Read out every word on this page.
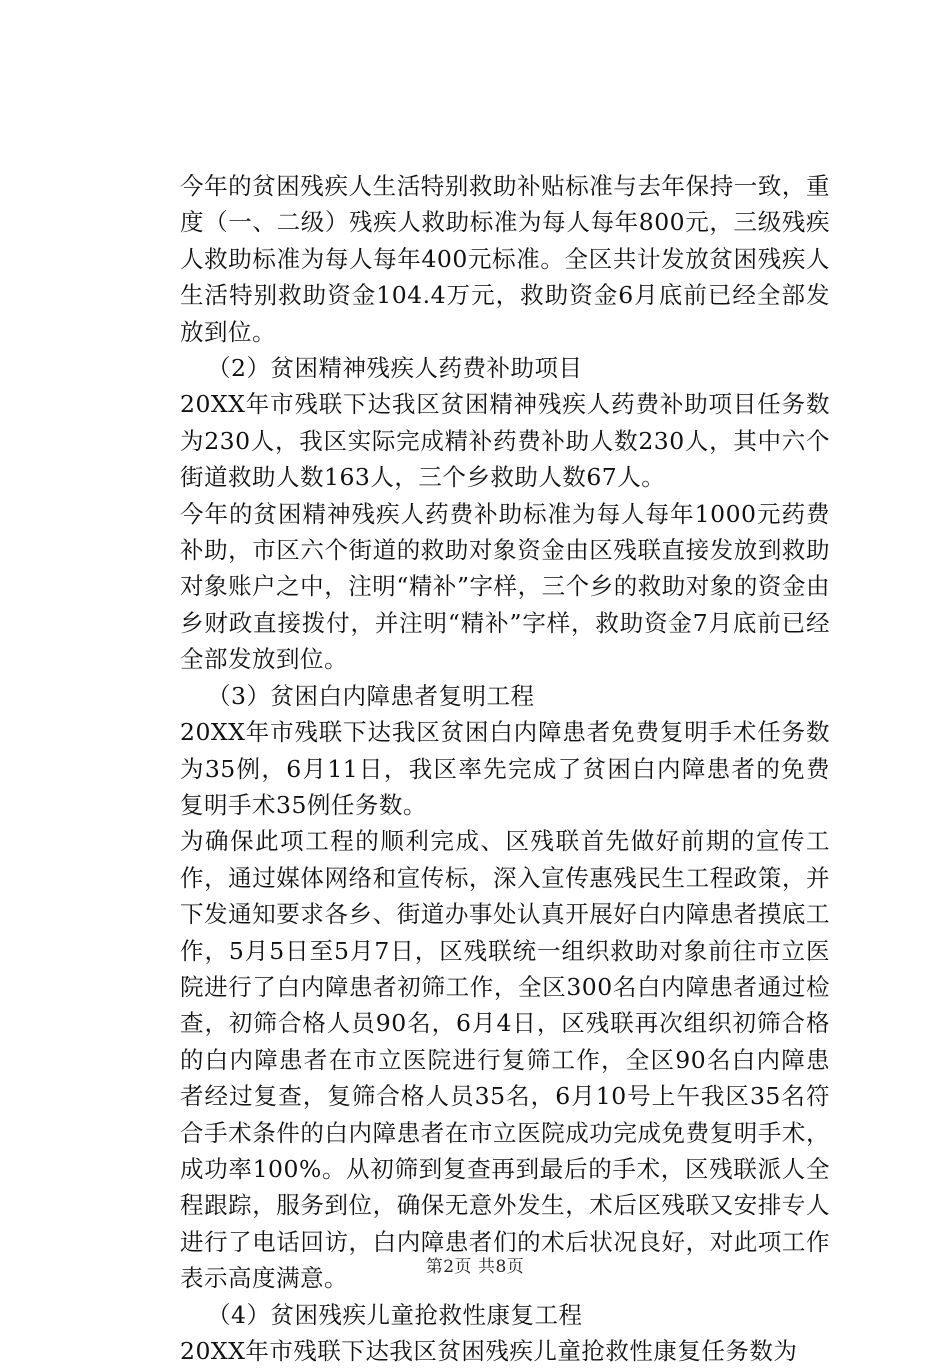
今年的贫困残疾人生活特别救助补贴标准与去年保持一致，重度（一、二级）残疾人救助标准为每人每年800元，三级残疾人救助标准为每人每年400元标准。全区共计发放贫困残疾人生活特别救助资金104.4万元，救助资金6月底前已经全部发放到位。

（2）贫困精神残疾人药费补助项目

20XX年市残联下达我区贫困精神残疾人药费补助项目任务数为230人，我区实际完成精补药费补助人数230人，其中六个街道救助人数163人，三个乡救助人数67人。

今年的贫困精神残疾人药费补助标准为每人每年1000元药费补助，市区六个街道的救助对象资金由区残联直接发放到救助对象账户之中，注明“精补”字样，三个乡的救助对象的资金由乡财政直接拨付，并注明“精补”字样，救助资金7月底前已经全部发放到位。

（3）贫困白内障患者复明工程

20XX年市残联下达我区贫困白内障患者免费复明手术任务数为35例，6月11日，我区率先完成了贫困白内障患者的免费复明手术35例任务数。

为确保此项工程的顺利完成、区残联首先做好前期的宣传工作，通过媒体网络和宣传标，深入宣传惠残民生工程政策，并下发通知要求各乡、街道办事处认真开展好白内障患者摸底工作，5月5日至5月7日，区残联统一组织救助对象前往市立医院进行了白内障患者初筛工作，全区300名白内障患者通过检查，初筛合格人员90名，6月4日，区残联再次组织初筛合格的白内障患者在市立医院进行复筛工作，全区90名白内障患者经过复查，复筛合格人员35名，6月10号上午我区35名符合手术条件的白内障患者在市立医院成功完成免费复明手术，成功率100%。从初筛到复查再到最后的手术，区残联派人全程跟踪，服务到位，确保无意外发生，术后区残联又安排专人进行了电话回访，白内障患者们的术后状况良好，对此项工作表示高度满意。

（4）贫困残疾儿童抢救性康复工程

20XX年市残联下达我区贫困残疾儿童抢救性康复任务数为

第2页 共8页
